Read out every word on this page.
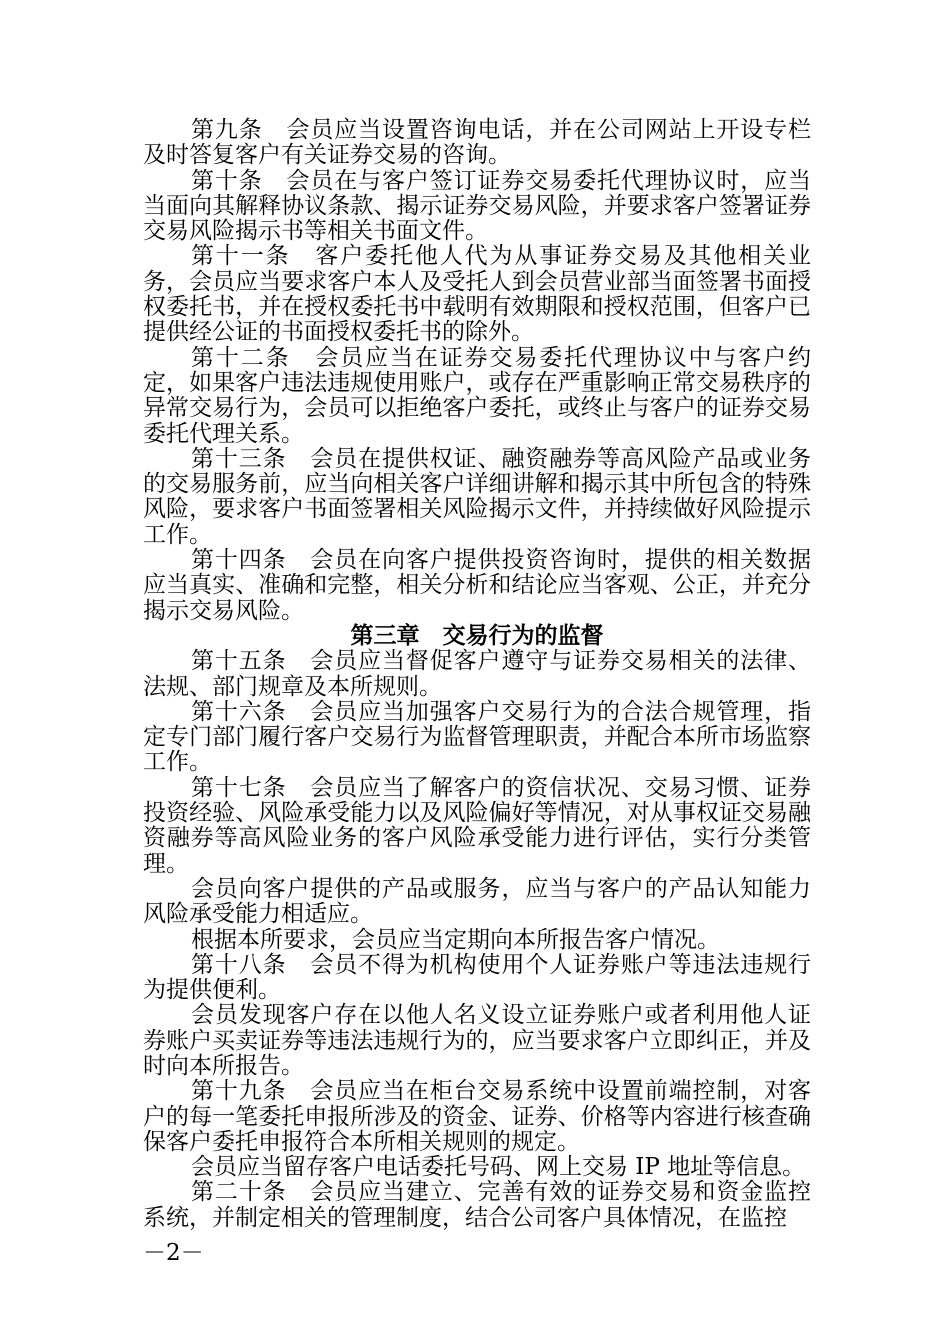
第九条　会员应当设置咨询电话，并在公司网站上开设专栏及时答复客户有关证券交易的咨询。

第十条　会员在与客户签订证券交易委托代理协议时，应当当面向其解释协议条款、揭示证券交易风险，并要求客户签署证券交易风险揭示书等相关书面文件。

第十一条　客户委托他人代为从事证券交易及其他相关业务，会员应当要求客户本人及受托人到会员营业部当面签署书面授权委托书，并在授权委托书中载明有效期限和授权范围，但客户已提供经公证的书面授权委托书的除外。

第十二条　会员应当在证券交易委托代理协议中与客户约定，如果客户违法违规使用账户，或存在严重影响正常交易秩序的异常交易行为，会员可以拒绝客户委托，或终止与客户的证券交易委托代理关系。

第十三条　会员在提供权证、融资融券等高风险产品或业务的交易服务前，应当向相关客户详细讲解和揭示其中所包含的特殊风险，要求客户书面签署相关风险揭示文件，并持续做好风险提示工作。

第十四条　会员在向客户提供投资咨询时，提供的相关数据应当真实、准确和完整，相关分析和结论应当客观、公正，并充分揭示交易风险。

第三章　交易行为的监督

第十五条　会员应当督促客户遵守与证券交易相关的法律、法规、部门规章及本所规则。

第十六条　会员应当加强客户交易行为的合法合规管理，指定专门部门履行客户交易行为监督管理职责，并配合本所市场监察工作。

第十七条　会员应当了解客户的资信状况、交易习惯、证券投资经验、风险承受能力以及风险偏好等情况，对从事权证交易融资融券等高风险业务的客户风险承受能力进行评估，实行分类管理。

会员向客户提供的产品或服务，应当与客户的产品认知能力风险承受能力相适应。

根据本所要求，会员应当定期向本所报告客户情况。

第十八条　会员不得为机构使用个人证券账户等违法违规行为提供便利。

会员发现客户存在以他人名义设立证券账户或者利用他人证券账户买卖证券等违法违规行为的，应当要求客户立即纠正，并及时向本所报告。

第十九条　会员应当在柜台交易系统中设置前端控制，对客户的每一笔委托申报所涉及的资金、证券、价格等内容进行核查确保客户委托申报符合本所相关规则的规定。

会员应当留存客户电话委托号码、网上交易 IP 地址等信息。

第二十条　会员应当建立、完善有效的证券交易和资金监控系统，并制定相关的管理制度，结合公司客户具体情况，在监控

－2－
